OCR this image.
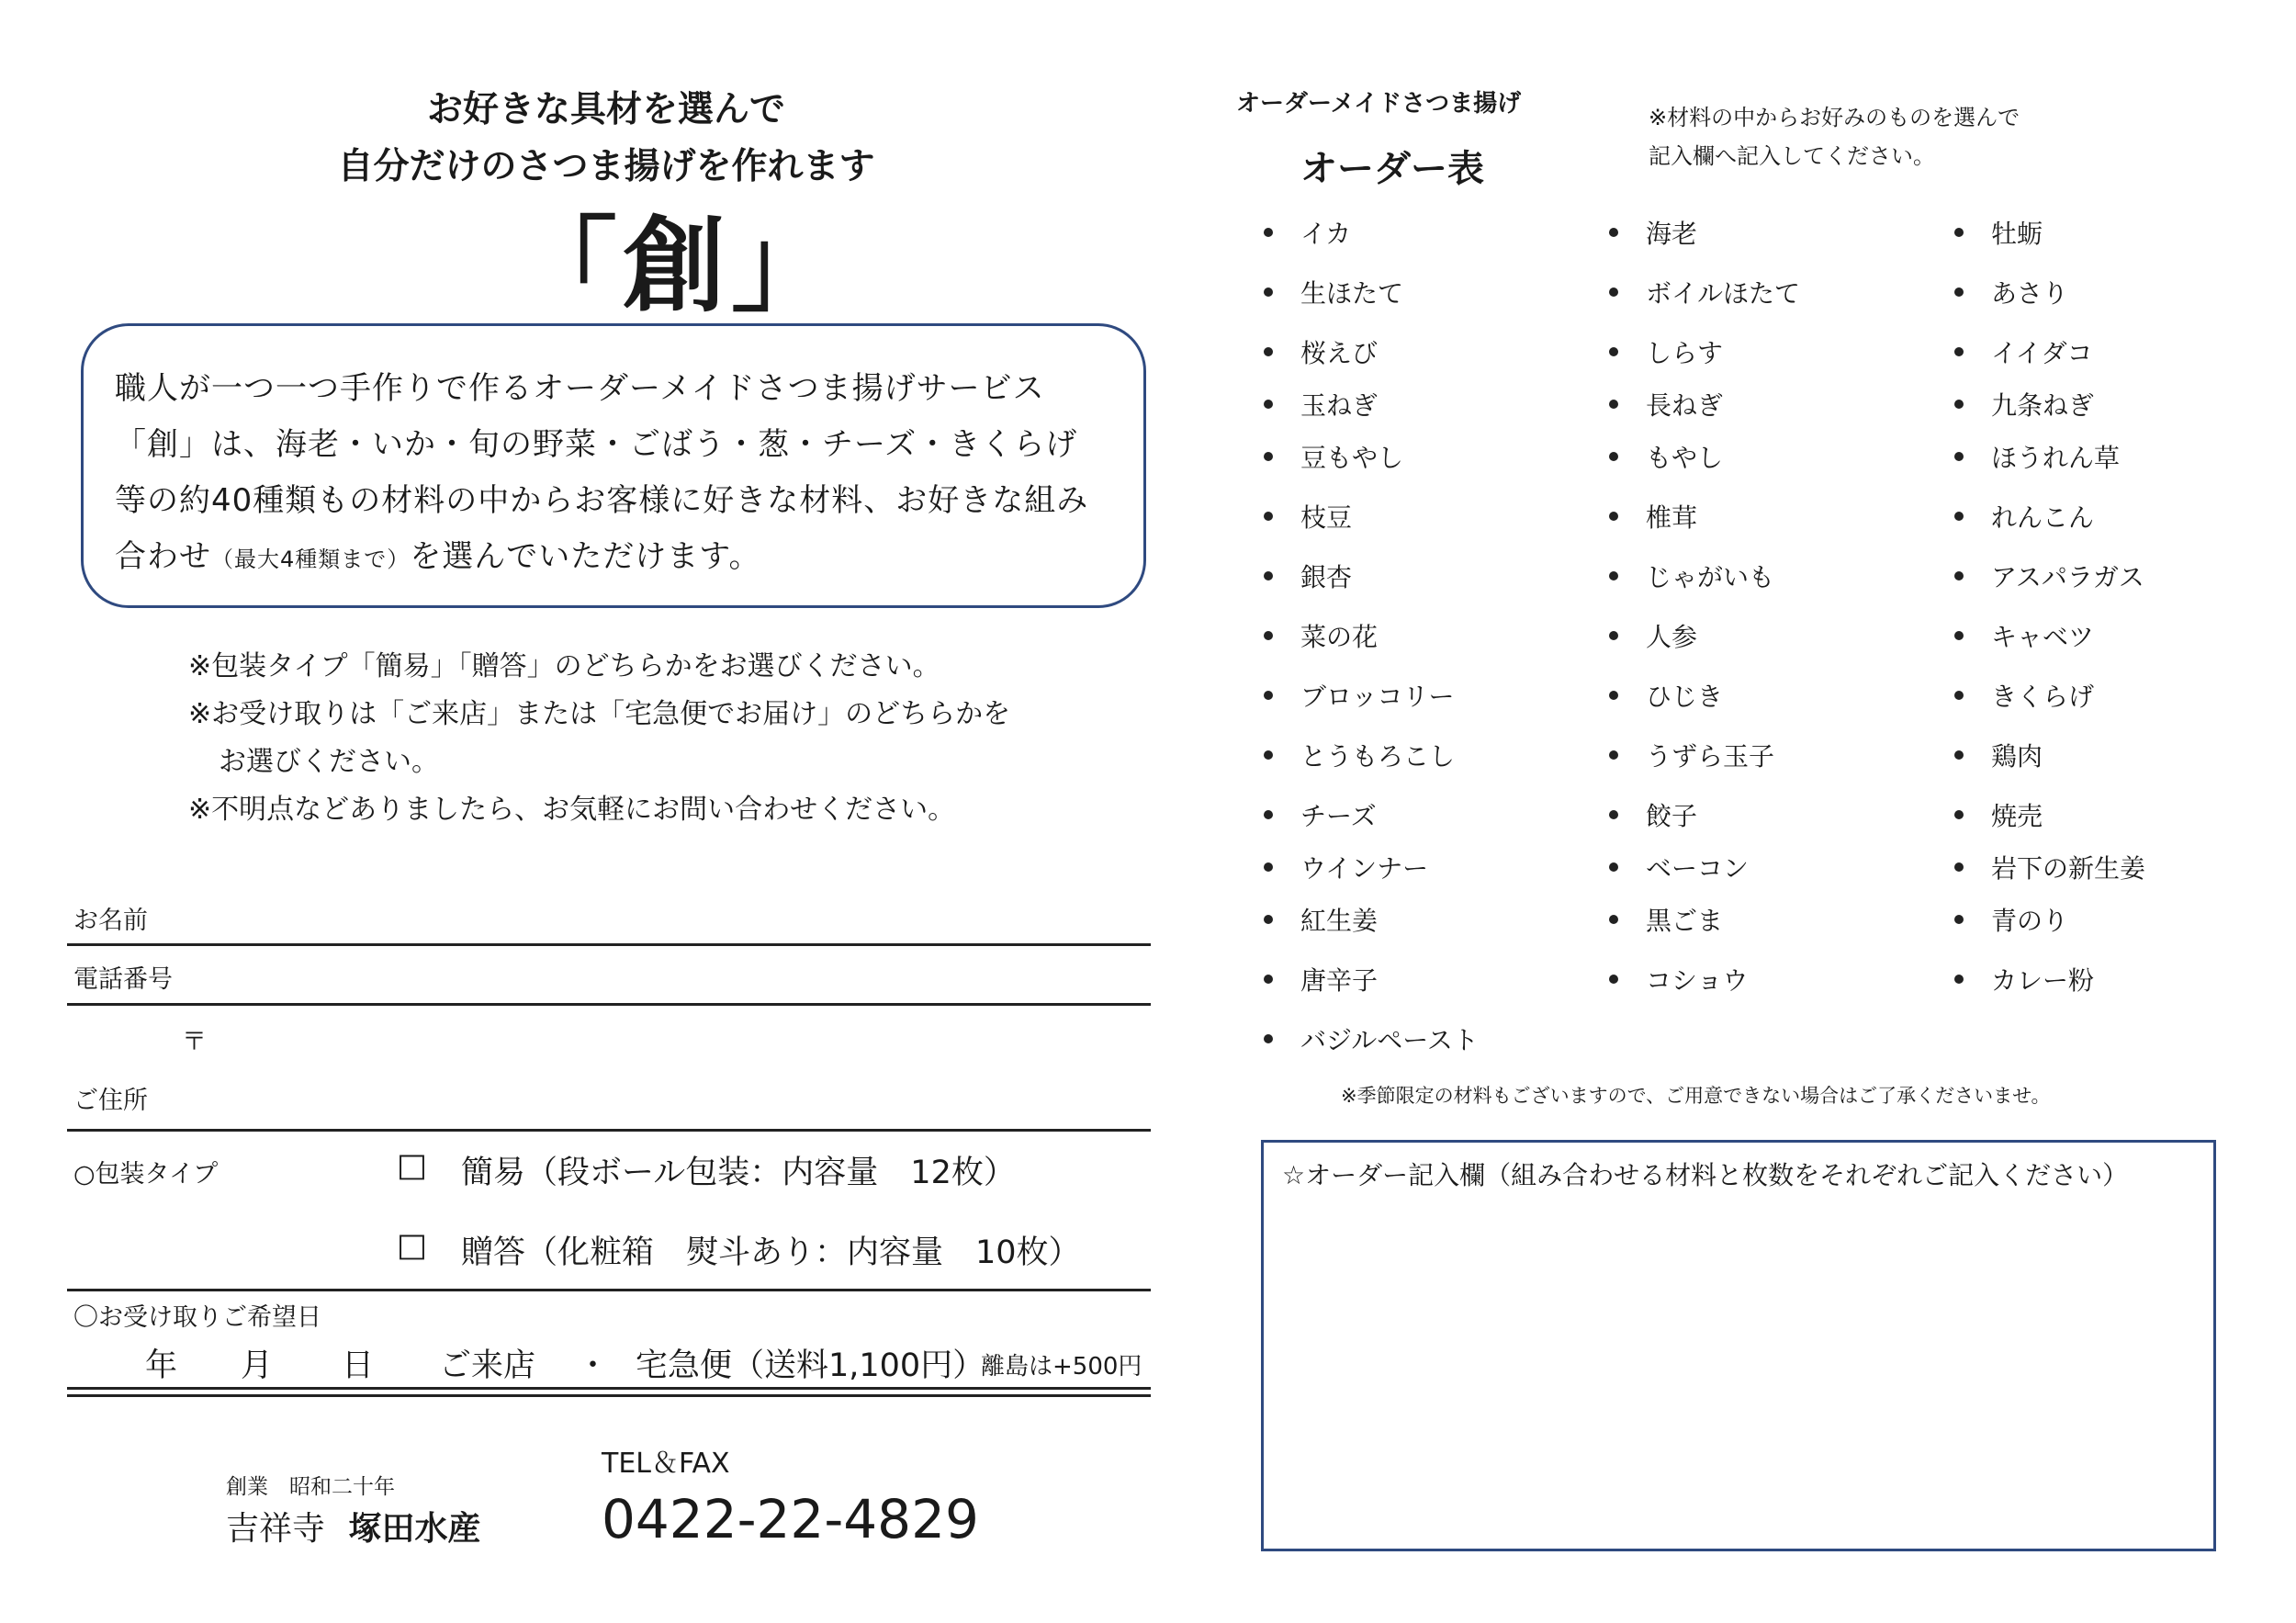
お好きな具材を選んで
自分だけのさつま揚げを作れます
「創」

職人が一つ一つ手作りで作るオーダーメイドさつま揚げサービス

「創」は、海老・いか・旬の野菜・ごばう・葱・チーズ・きくらげ

等の約40種類もの材料の中からお客様に好きな材料、お好きな組み

合わせ（最大4種類まで）を選んでいただけます。

※包装タイプ「簡易」「贈答」のどちらかをお選びください。
※お受け取りは「ご来店」または「宅急便でお届け」のどちらかを
お選びください。
※不明点などありましたら、お気軽にお問い合わせください。
お名前
電話番号
〒
ご住所
○包装タイプ	□ 簡易（段ボール包装：内容量　12枚）
□ 贈答（化粧箱　熨斗あり：内容量　10枚）
〇お受け取りご希望日
年 月 日 ご来店 ・ 宅急便（送料1,100円）
離島は+500円
創業　昭和二十年
吉祥寺 塚田水産
TEL＆FAX
0422-22-4829
オーダーメイドさつま揚げ
オーダー表
※材料の中からお好みのものを選んで
記入欄へ記入してください。
イカ	海老	牡蛎
生ほたて	ボイルほたて	あさり
桜えび	しらす	イイダコ
玉ねぎ	長ねぎ	九条ねぎ
豆もやし	もやし	ほうれん草
枝豆	椎茸	れんこん
銀杏	じゃがいも	アスパラガス
菜の花	人参	キャベツ
ブロッコリー	ひじき	きくらげ
とうもろこし	うずら玉子	鶏肉
チーズ	餃子	焼売
ウインナー	ベーコン	岩下の新生姜
紅生姜	黒ごま	青のり
唐辛子	コショウ	カレー粉
バジルペースト
※季節限定の材料もございますので、ご用意できない場合はご了承くださいませ。
☆オーダー記入欄（組み合わせる材料と枚数をそれぞれご記入ください）
